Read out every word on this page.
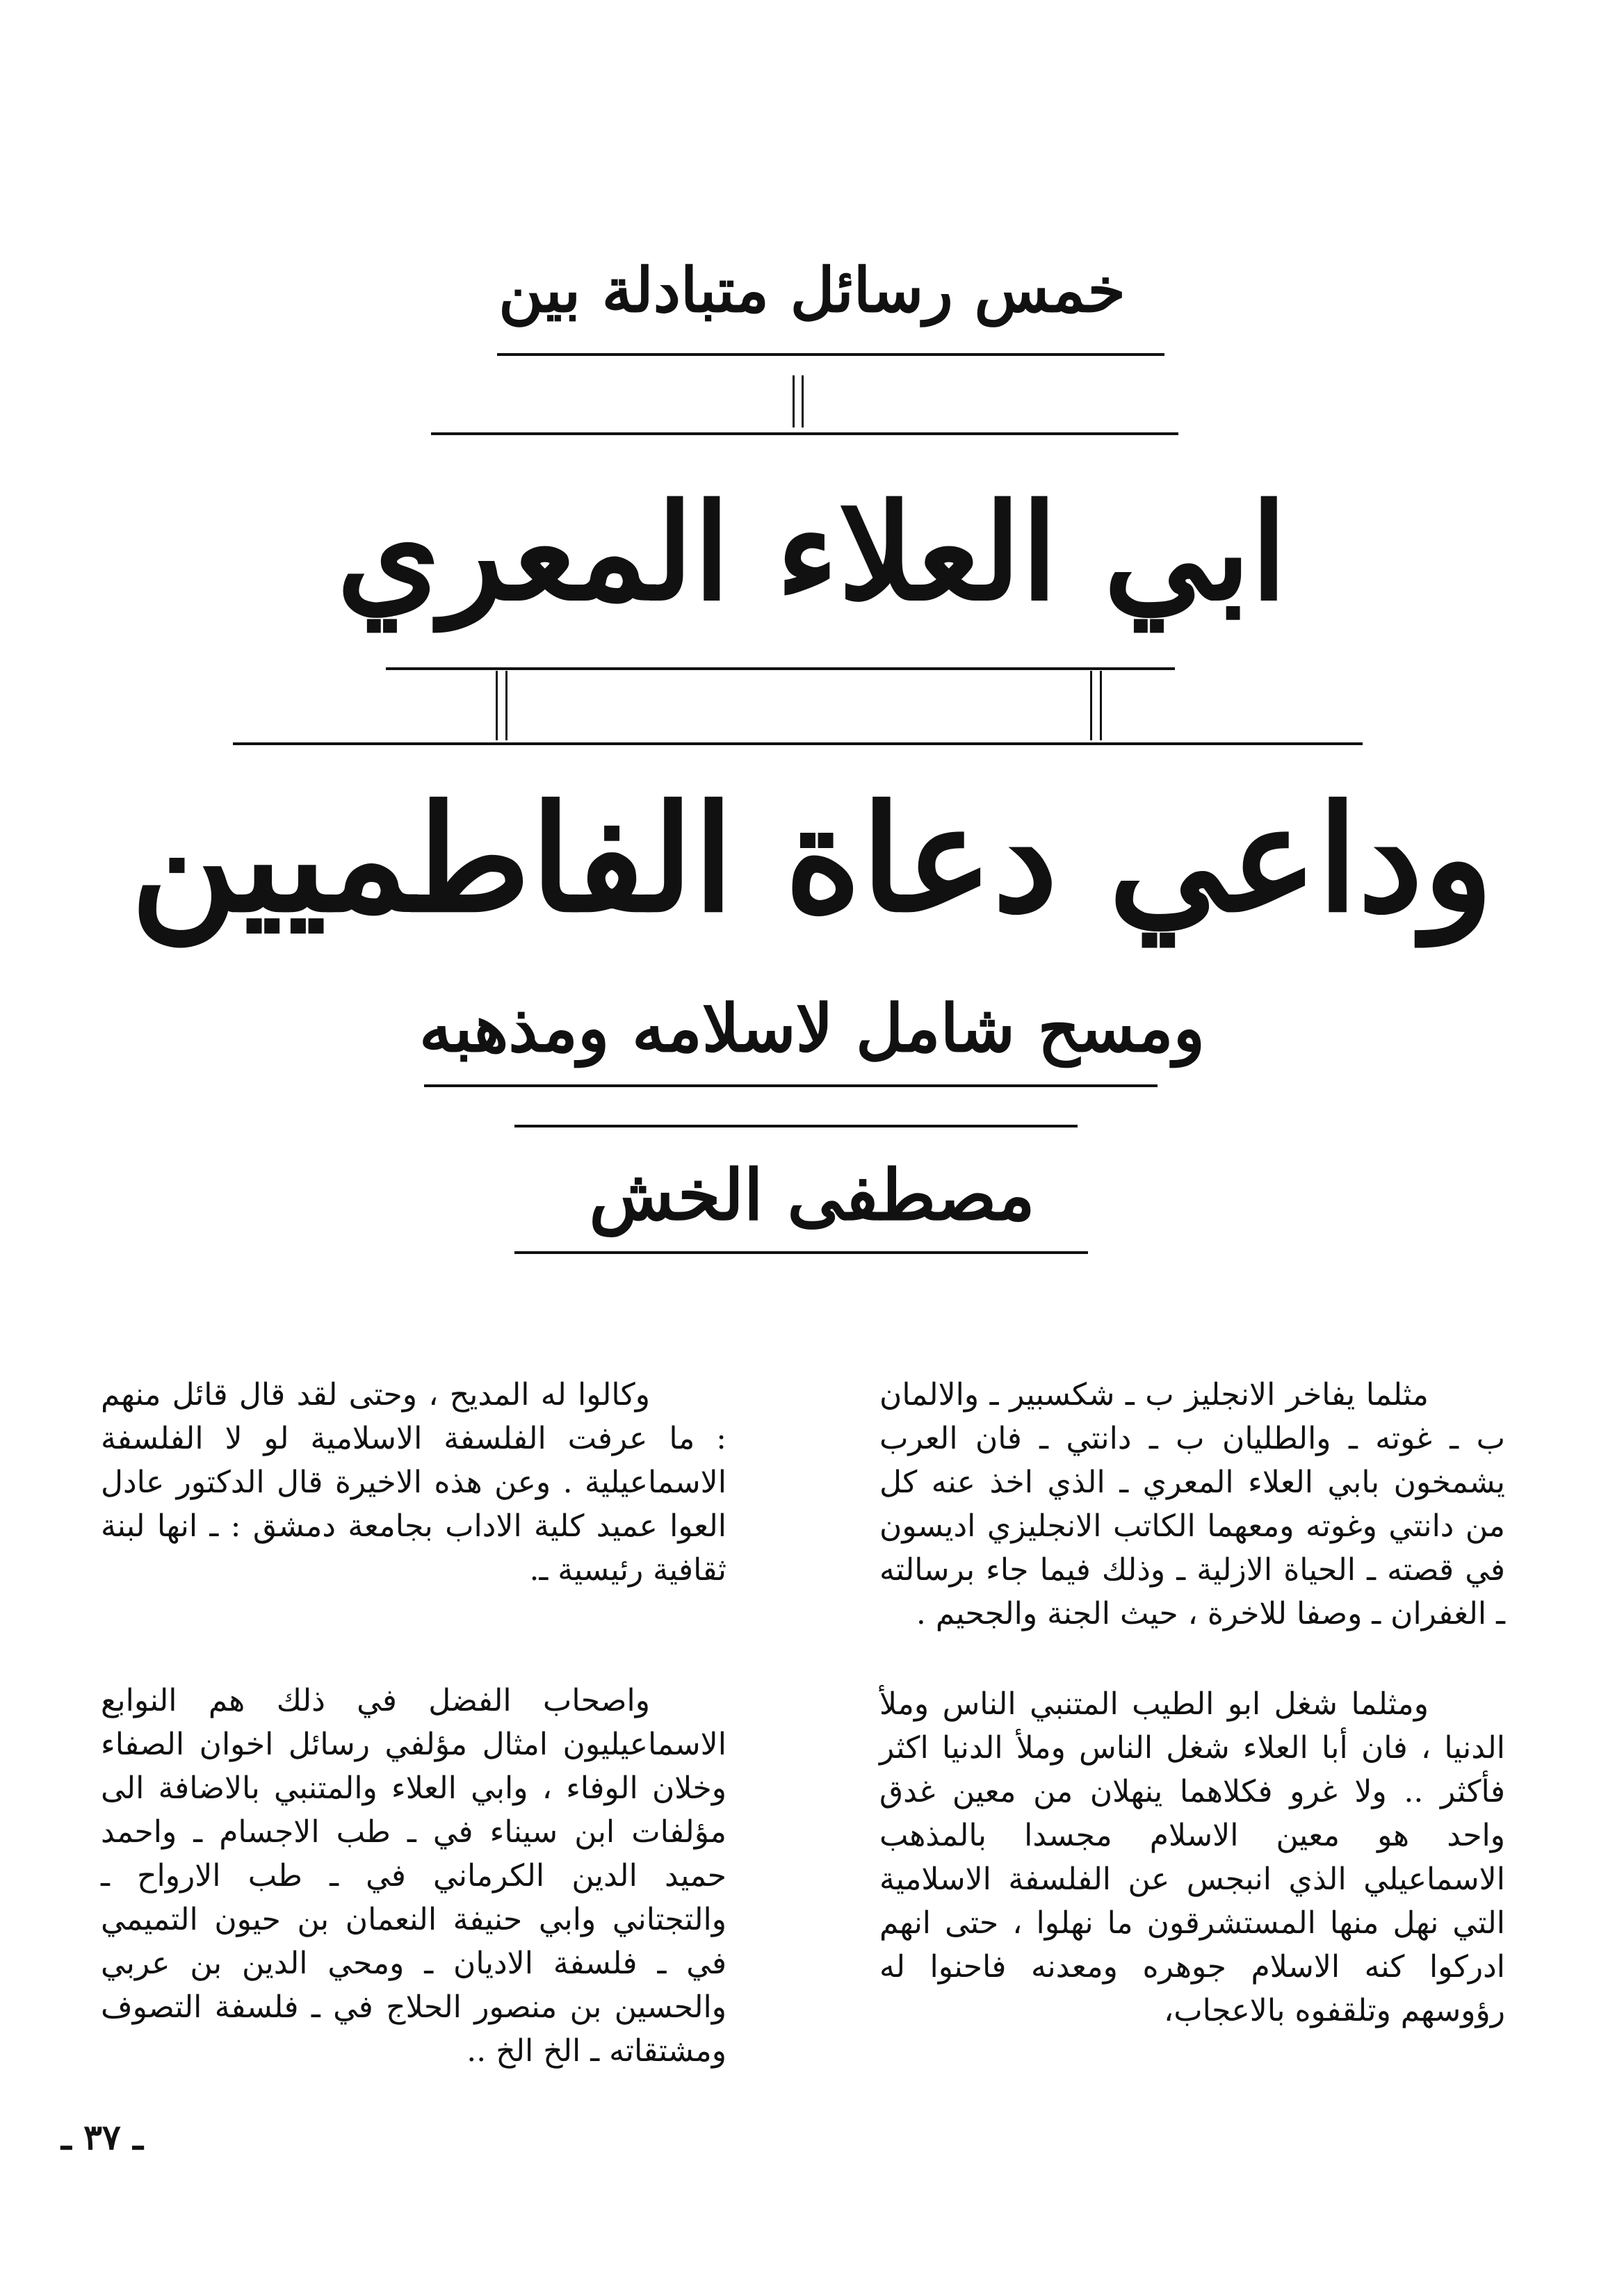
خمس رسائل متبادلة بين
ابي العلاء المعري
وداعي دعاة الفاطميين
ومسح شامل لاسلامه ومذهبه
مصطفى الخش

مثلما يفاخر الانجليز ب ـ شكسبير ـ والالمان ب ـ غوته ـ والطليان ب ـ دانتي ـ فان العرب يشمخون بابي العلاء المعري ـ الذي اخذ عنه كل من دانتي وغوته ومعهما الكاتب الانجليزي اديسون في قصته ـ الحياة الازلية ـ وذلك فيما جاء برسالته ـ الغفران ـ وصفا للاخرة ، حيث الجنة والجحيم .

ومثلما شغل ابو الطيب المتنبي الناس وملأ الدنيا ، فان أبا العلاء شغل الناس وملأ الدنيا اكثر فأكثر .. ولا غرو فكلاهما ينهلان من معين غدق واحد هو معين الاسلام مجسدا بالمذهب الاسماعيلي الذي انبجس عن الفلسفة الاسلامية التي نهل منها المستشرقون ما نهلوا ، حتى انهم ادركوا كنه الاسلام جوهره ومعدنه فاحنوا له رؤوسهم وتلقفوه بالاعجاب،

وكالوا له المديح ، وحتى لقد قال قائل منهم : ما عرفت الفلسفة الاسلامية لو لا الفلسفة الاسماعيلية . وعن هذه الاخيرة قال الدكتور عادل العوا عميد كلية الاداب بجامعة دمشق : ـ انها لبنة ثقافية رئيسية ـ.

واصحاب الفضل في ذلك هم النوابع الاسماعيليون امثال مؤلفي رسائل اخوان الصفاء وخلان الوفاء ، وابي العلاء والمتنبي بالاضافة الى مؤلفات ابن سيناء في ـ طب الاجسام ـ واحمد حميد الدين الكرماني في ـ طب الارواح ـ والتجتاني وابي حنيفة النعمان بن حيون التميمي في ـ فلسفة الاديان ـ ومحي الدين بن عربي والحسين بن منصور الحلاج في ـ فلسفة التصوف ومشتقاته ـ الخ الخ ..

ـ ٣٧ ـ
